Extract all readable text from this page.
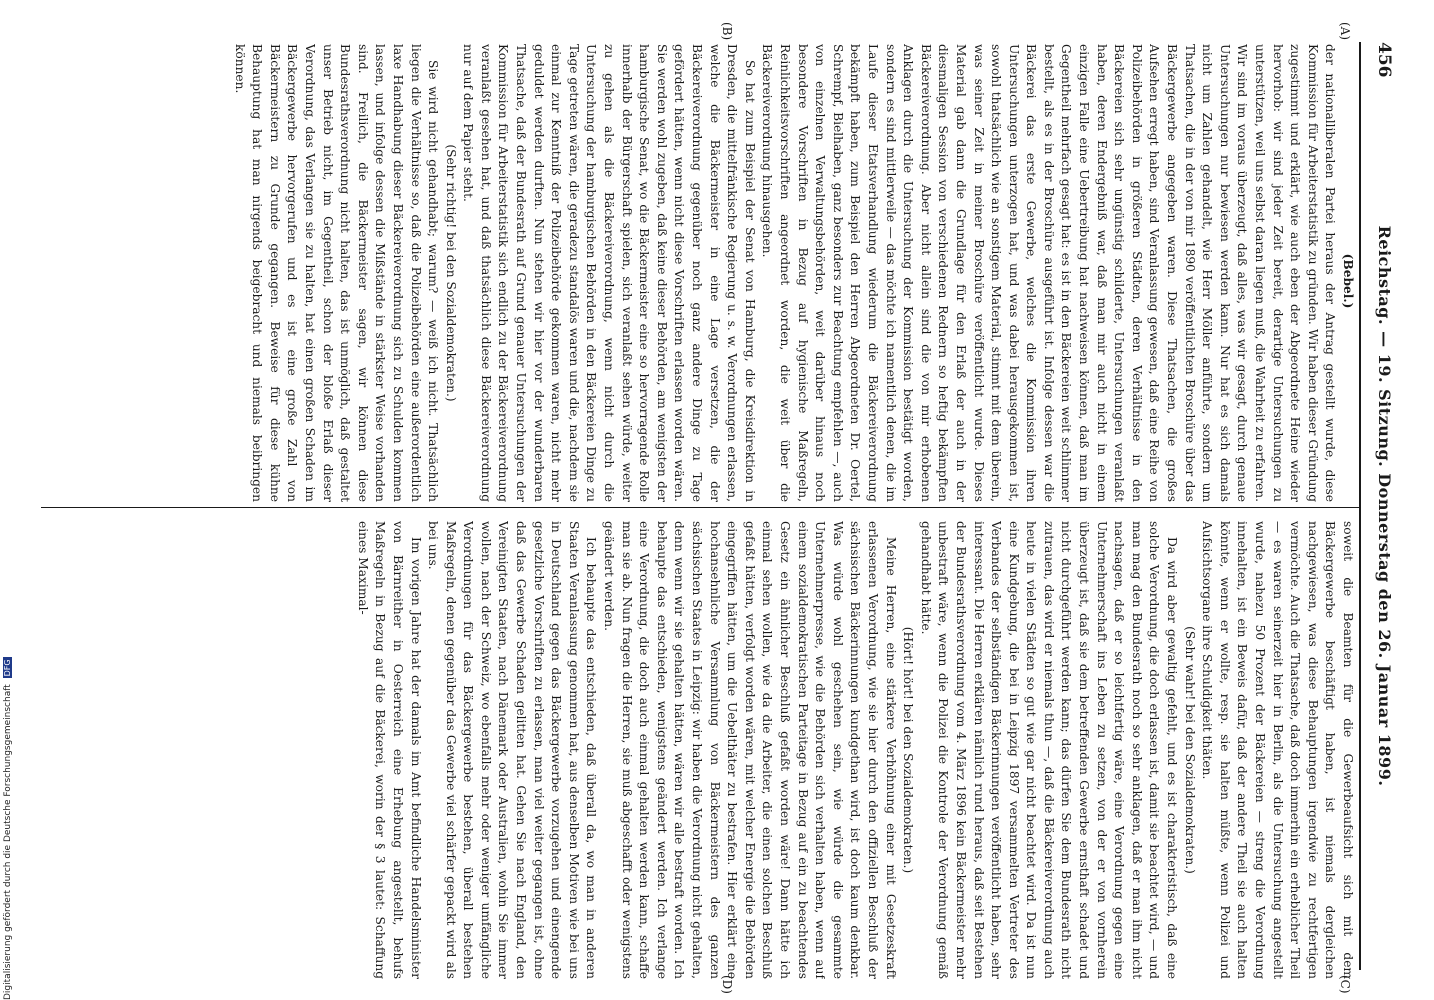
456
Reichstag. — 19. Sitzung. Donnerstag den 26. Januar 1899.
(A)
(B)
(C)
(D)

(Bebel.)

der nationalliberalen Partei heraus der Antrag gestellt wurde, diese Kommission für Arbeiterstatistik zu gründen. Wir haben dieser Gründung zugestimmt und erklärt, wie auch eben der Abgeordnete Heine wieder hervorhob: wir sind jeder Zeit bereit, derartige Untersuchungen zu unterstützen, weil uns selbst daran liegen muß, die Wahrheit zu erfahren. Wir sind im voraus überzeugt, daß alles, was wir gesagt, durch genaue Untersuchungen nur bewiesen werden kann. Nur hat es sich damals nicht um Zahlen gehandelt, wie Herr Möller anführte, sondern um Thatsachen, die in der von mir 1890 veröffentlichten Broschüre über das Bäckergewerbe angegeben waren. Diese Thatsachen, die großes Aufsehen erregt haben, sind Veranlassung gewesen, daß eine Reihe von Polizeibehörden in größeren Städten, deren Verhältnisse in den Bäckereien sich sehr ungünstig schilderte, Untersuchungen veranlaßt haben, deren Endergebniß war, daß man mir auch nicht in einem einzigen Falle eine Uebertreibung hat nachweisen können, daß man im Gegentheil mehrfach gesagt hat: es ist in den Bäckereien weit schlimmer bestellt, als es in der Broschüre ausgeführt ist. Infolge dessen war die Bäckerei das erste Gewerbe, welches die Kommission ihren Untersuchungen unterzogen hat, und was dabei herausgekommen ist, sowohl thatsächlich wie an sonstigem Material, stimmt mit dem überein, was seiner Zeit in meiner Broschüre veröffentlicht wurde. Dieses Material gab dann die Grundlage für den Erlaß der auch in der diesmaligen Session von verschiedenen Rednern so heftig bekämpften Bäckereiverordnung. Aber nicht allein sind die von mir erhobenen Anklagen durch die Untersuchung der Kommission bestätigt worden, sondern es sind mittlerweile — das möchte ich namentlich denen, die im Laufe dieser Etatsverhandlung wiederum die Bäckereiverordnung bekämpft haben, zum Beispiel den Herren Abgeordneten Dr. Oertel, Schrempf, Bielhaben, ganz besonders zur Beachtung empfehlen —, auch von einzelnen Verwaltungsbehörden, weit darüber hinaus noch besondere Vorschriften in Bezug auf hygienische Maßregeln, Reinlichkeitsvorschriften angeordnet worden, die weit über die Bäckereiverordnung hinausgehen.

So hat zum Beispiel der Senat von Hamburg, die Kreisdirektion in Dresden, die mittelfränkische Regierung u. s. w. Verordnungen erlassen, welche die Bäckermeister in eine Lage versetzen, die der Bäckereiverordnung gegenüber noch ganz andere Dinge zu Tage gefördert hätten, wenn nicht diese Vorschriften erlassen worden wären. Sie werden wohl zugeben, daß keine dieser Behörden, am wenigsten der hamburgische Senat, wo die Bäckermeister eine so hervorragende Rolle innerhalb der Bürgerschaft spielen, sich veranlaßt sehen würde, weiter zu gehen als die Bäckereiverordnung, wenn nicht durch die Untersuchung der hamburgischen Behörden in den Bäckereien Dinge zu Tage getreten wären, die geradezu standalös waren und die, nachdem sie einmal zur Kenntniß der Polizeibehörde gekommen waren, nicht mehr geduldet werden durften. Nun stehen wir hier vor der wunderbaren Thatsache, daß der Bundesrath auf Grund genauer Untersuchungen der Kommission für Arbeiterstatistik sich endlich zu der Bäckereiverordnung veranlaßt gesehen hat, und daß thatsächlich diese Bäckereiverordnung nur auf dem Papier steht.

(Sehr richtig! bei den Sozialdemokraten.)

Sie wird nicht gehandhabt; warum? — weiß ich nicht. Thatsächlich liegen die Verhältnisse so, daß die Polizeibehörden eine außerordentlich laxe Handhabung dieser Bäckereiverordnung sich zu Schulden kommen lassen, und infolge dessen die Mißstände in stärkster Weise vorhanden sind. Freilich, die Bäckermeister sagen, wir können diese Bundesrathsverordnung nicht halten, das ist unmöglich, daß gestaltet unser Betrieb nicht, im Gegentheil, schon der bloße Erlaß dieser Verordnung, das Verlangen sie zu halten, hat einen großen Schaden im Bäckergewerbe hervorgerufen und es ist eine große Zahl von Bäckermeistern zu Grunde gegangen. Beweise für diese kühne Behauptung hat man nirgends beigebracht und niemals beibringen können.

soweit die Beamten für die Gewerbeaufsicht sich mit dem Bäckergewerbe beschäftigt haben, ist niemals dergleichen nachgewiesen, was diese Behauptungen irgendwie zu rechtfertigen vermöchte. Auch die Thatsache, daß doch immerhin ein erheblicher Theil — es waren seinerzeit hier in Berlin, als die Untersuchung angestellt wurde, nahezu 50 Prozent der Bäckereien — streng die Verordnung innehalten, ist ein Beweis dafür, daß der andere Theil sie auch halten könnte, wenn er wollte, resp. sie halten müßte, wenn Polizei und Aufsichtsorgane ihre Schuldigkeit thäten.

(Sehr wahr! bei den Sozialdemokraten.)

Da wird aber gewaltig gefehlt, und es ist charakteristisch, daß eine solche Verordnung, die doch erlassen ist, damit sie beachtet wird, — und man mag den Bundesrath noch so sehr anklagen, daß er man ihm nicht nachsagen, daß er so leichtfertig wäre, eine Verordnung gegen eine Unternehmerschaft ins Leben zu setzen, von der er von vornherein überzeugt ist, daß sie dem betreffenden Gewerbe ernsthaft schadet und nicht durchgeführt werden kann; das dürfen Sie dem Bundesrath nicht zutrauen, das wird er niemals thun —, daß die Bäckereiverordnung auch heute in vielen Städten so gut wie gar nicht beachtet wird. Da ist nun eine Kundgebung, die bei in Leipzig 1897 versammelten Vertreter des Verbandes der selbständigen Bäckerinnungen veröffentlicht haben, sehr interessant. Die Herren erklären nämlich rund heraus, daß seit Bestehen der Bundesrathsverordnung vom 4. März 1896 kein Bäckermeister mehr unbestraft wäre, wenn die Polizei die Kontrole der Verordnung gemäß gehandhabt hätte.

(Hört! hört! bei den Sozialdemokraten.)

Meine Herren, eine stärkere Verhöhnung einer mit Gesetzeskraft erlassenen Verordnung, wie sie hier durch den offiziellen Beschluß der sächsischen Bäckerinnungen kundgethan wird, ist doch kaum denkbar. Was würde wohl geschehen sein, wie würde die gesammte Unternehmerpresse, wie die Behörden sich verhalten haben, wenn auf einem sozialdemokratischen Parteitage in Bezug auf ein zu beachtendes Gesetz ein ähnlicher Beschluß gefaßt worden wäre! Dann hätte ich einmal sehen wollen, wie da die Arbeiter, die einen solchen Beschluß gefaßt hätten, verfolgt worden wären, mit welcher Energie die Behörden eingegriffen hätten, um die Uebelthäter zu bestrafen. Hier erklärt eine hochansehnliche Versammlung von Bäckermeistern des ganzen sächsischen Staates in Leipzig: wir haben die Verordnung nicht gehalten, denn wenn wir sie gehalten hätten, wären wir alle bestraft worden. Ich behaupte das entschieden, wenigstens geändert werden. Ich verlange eine Verordnung, die doch auch einmal gehalten werden kann, schaffe man sie ab. Nun fragen die Herren, sie muß abgeschafft oder wenigstens geändert werden.

Ich behaupte das entschieden, daß überall da, wo man in anderen Staaten Veranlassung genommen hat, aus denselben Motiven wie bei uns in Deutschland gegen das Bäckergewerbe vorzugehen und einengende gesetzliche Vorschriften zu erlassen, man viel weiter gegangen ist, ohne daß das Gewerbe Schaden gelitten hat. Gehen Sie nach England, den Vereinigten Staaten, nach Dänemark oder Australien, wohin Sie immer wollen, nach der Schweiz, wo ebenfalls mehr oder weniger umfängliche Verordnungen für das Bäckergewerbe bestehen, überall bestehen Maßregeln, denen gegenüber das Gewerbe viel schärfer gepackt wird als bei uns.

Im vorigen Jahre hat der damals im Amt befindliche Handelsminister von Bärnreither in Oesterreich eine Erhebung angestellt, behufs Maßregeln in Bezug auf die Bäckerei, worin der § 3 lautet: Schaffung eines Maximal-

Digitalisierung gefördert durch die Deutsche Forschungsgemeinschaft DFG
